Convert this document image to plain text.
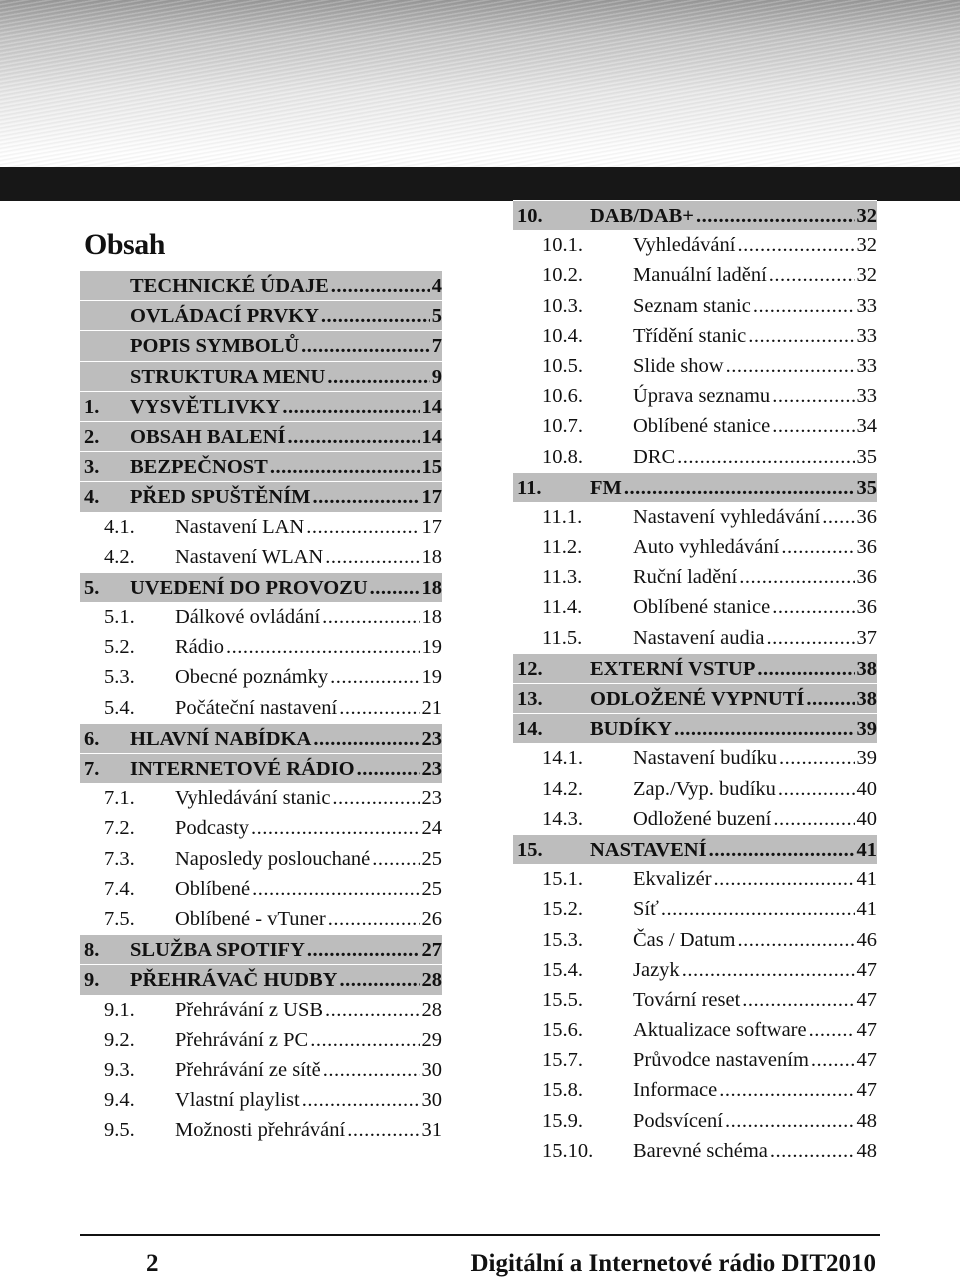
Obsah
TECHNICKÉ ÚDAJE .....	4
OVLÁDACÍ PRVKY .....	5
POPIS SYMBOLŮ .....	7
STRUKTURA MENU .....	9
1.	VYSVĚTLIVKY .....	14
2.	OBSAH BALENÍ .....	14
3.	BEZPEČNOST .....	15
4.	PŘED SPUŠTĚNÍM .....	17
4.1.	Nastavení LAN .....	17
4.2.	Nastavení WLAN .....	18
5.	UVEDENÍ DO PROVOZU .....	18
5.1.	Dálkové ovládání .....	18
5.2.	Rádio .....	19
5.3.	Obecné poznámky .....	19
5.4.	Počáteční nastavení .....	21
6.	HLAVNÍ NABÍDKA .....	23
7.	INTERNETOVÉ RÁDIO .....	23
7.1.	Vyhledávání stanic .....	23
7.2.	Podcasty .....	24
7.3.	Naposledy poslouchané ..... 25
7.4.	Oblíbené .....	25
7.5.	Oblíbené - vTuner .....	26
8.	SLUŽBA SPOTIFY .....	27
9.	PŘEHRÁVAČ HUDBY .....	28
9.1.	Přehrávání z USB .....	28
9.2.	Přehrávání z PC .....	29
9.3.	Přehrávání ze sítě .....	30
9.4.	Vlastní playlist .....	30
9.5.	Možnosti přehrávání .....	31
10.	DAB/DAB+ .....	32
10.1.	Vyhledávání .....	32
10.2.	Manuální ladění .....	32
10.3.	Seznam stanic .....	33
10.4.	Třídění stanic .....	33
10.5.	Slide show .....	33
10.6.	Úprava seznamu .....	33
10.7.	Oblíbené stanice .....	34
10.8.	DRC .....	35
11.	FM .....	35
11.1.	Nastavení vyhledávání ..... 36
11.2.	Auto vyhledávání .....	36
11.3.	Ruční ladění .....	36
11.4.	Oblíbené stanice .....	36
11.5.	Nastavení audia .....	37
12.	EXTERNÍ VSTUP .....	38
13.	ODLOŽENÉ VYPNUTÍ .....	38
14.	BUDÍKY .....	39
14.1.	Nastavení budíku .....	39
14.2.	Zap./Vyp. budíku .....	40
14.3.	Odložené buzení .....	40
15.	NASTAVENÍ .....	41
15.1.	Ekvalizér .....	41
15.2.	Síť .....	41
15.3.	Čas / Datum .....	46
15.4.	Jazyk .....	47
15.5.	Tovární reset .....	47
15.6.	Aktualizace software ..... 47
15.7.	Průvodce nastavením ..... 47
15.8.	Informace .....	47
15.9.	Podsvícení .....	48
15.10.	Barevné schéma .....	48
2	Digitální a Internetové rádio DIT2010
